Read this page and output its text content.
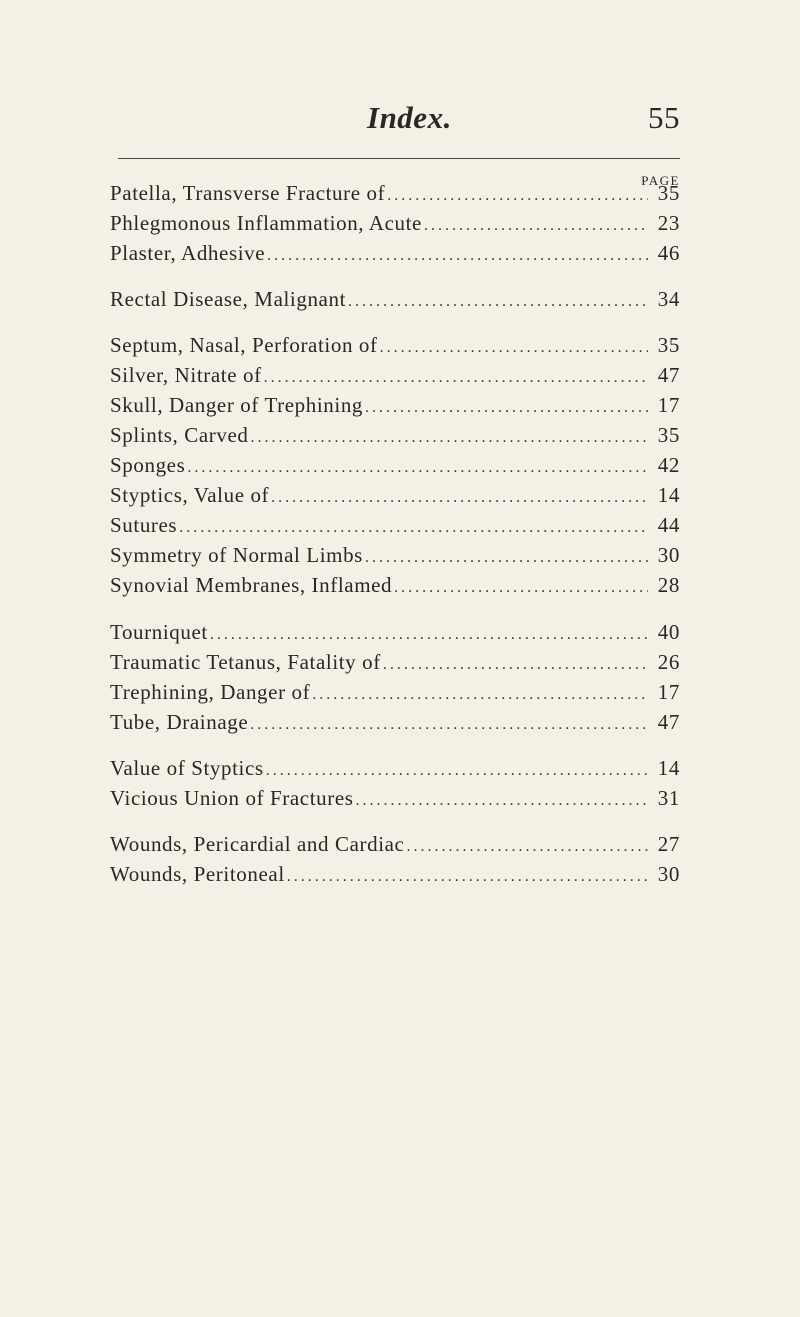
Index.	55
PAGE
Patella, Transverse Fracture of .....	35
Phlegmonous Inflammation, Acute .....	23
Plaster, Adhesive .....	46
Rectal Disease, Malignant .....	34
Septum, Nasal, Perforation of .....	35
Silver, Nitrate of .....	47
Skull, Danger of Trephining .....	17
Splints, Carved .....	35
Sponges .....	42
Styptics, Value of .....	14
Sutures .....	44
Symmetry of Normal Limbs .....	30
Synovial Membranes, Inflamed .....	28
Tourniquet .....	40
Traumatic Tetanus, Fatality of .....	26
Trephining, Danger of .....	17
Tube, Drainage .....	47
Value of Styptics .....	14
Vicious Union of Fractures .....	31
Wounds, Pericardial and Cardiac .....	27
Wounds, Peritoneal .....	30
